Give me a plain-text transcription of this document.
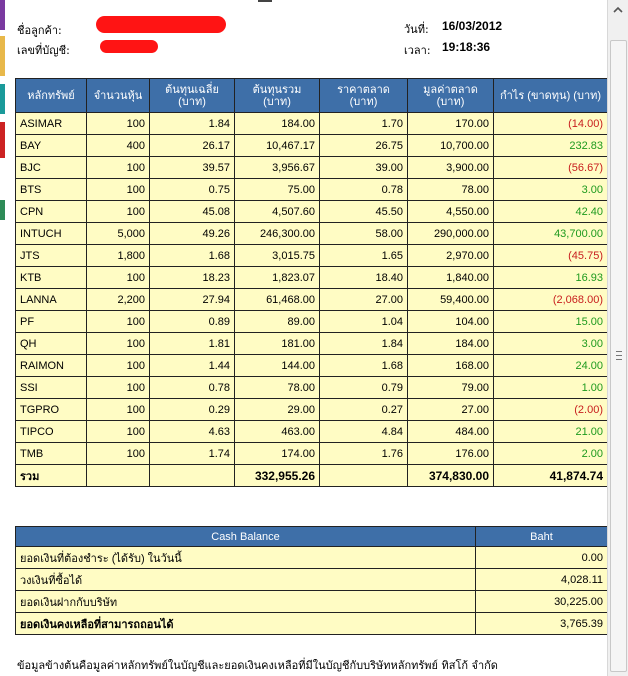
ชื่อลูกค้า:
เลขที่บัญชี:
วันที่: 16/03/2012
เวลา: 19:18:36
หลักทรัพย์	จำนวนหุ้น	ต้นทุนเฉลี่ย (บาท)	ต้นทุนรวม (บาท)	ราคาตลาด (บาท)	มูลค่าตลาด (บาท)	กำไร (ขาดทุน) (บาท)
ASIMAR	100	1.84	184.00	1.70	170.00	(14.00)
BAY	400	26.17	10,467.17	26.75	10,700.00	232.83
BJC	100	39.57	3,956.67	39.00	3,900.00	(56.67)
BTS	100	0.75	75.00	0.78	78.00	3.00
CPN	100	45.08	4,507.60	45.50	4,550.00	42.40
INTUCH	5,000	49.26	246,300.00	58.00	290,000.00	43,700.00
JTS	1,800	1.68	3,015.75	1.65	2,970.00	(45.75)
KTB	100	18.23	1,823.07	18.40	1,840.00	16.93
LANNA	2,200	27.94	61,468.00	27.00	59,400.00	(2,068.00)
PF	100	0.89	89.00	1.04	104.00	15.00
QH	100	1.81	181.00	1.84	184.00	3.00
RAIMON	100	1.44	144.00	1.68	168.00	24.00
SSI	100	0.78	78.00	0.79	79.00	1.00
TGPRO	100	0.29	29.00	0.27	27.00	(2.00)
TIPCO	100	4.63	463.00	4.84	484.00	21.00
TMB	100	1.74	174.00	1.76	176.00	2.00
รวม			332,955.26		374,830.00	41,874.74
Cash Balance	Baht
ยอดเงินที่ต้องชำระ (ได้รับ) ในวันนี้	0.00
วงเงินที่ซื้อได้	4,028.11
ยอดเงินฝากกับบริษัท	30,225.00
ยอดเงินคงเหลือที่สามารถถอนได้	3,765.39
ข้อมูลข้างต้นคือมูลค่าหลักทรัพย์ในบัญชีและยอดเงินคงเหลือที่มีในบัญชีกับบริษัทหลักทรัพย์ ทิสโก้ จำกัด
